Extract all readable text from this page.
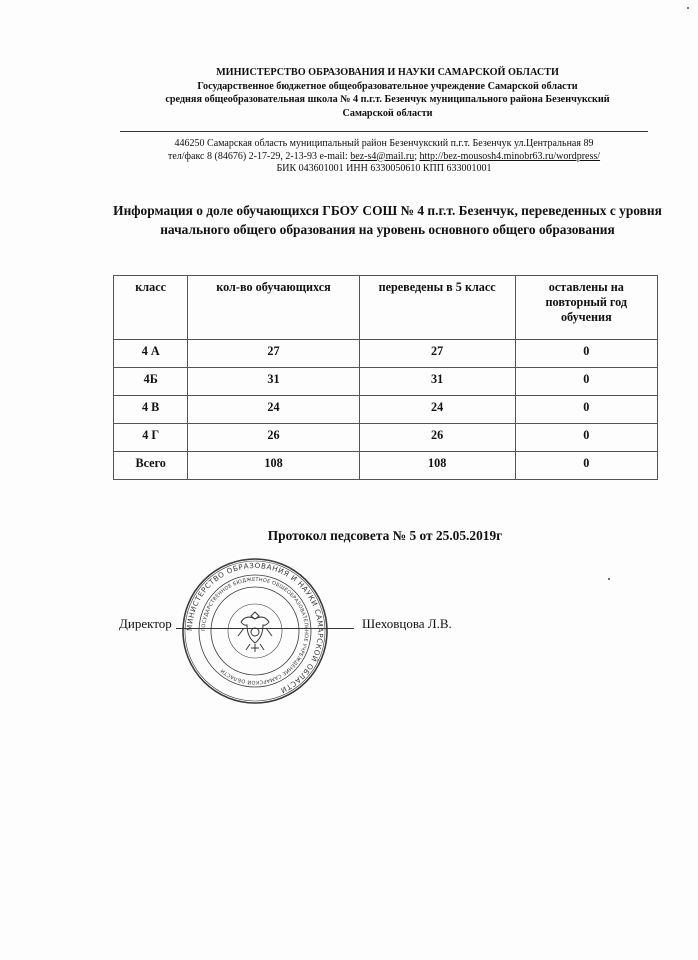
МИНИСТЕРСТВО ОБРАЗОВАНИЯ И НАУКИ САМАРСКОЙ ОБЛАСТИ
Государственное бюджетное общеобразовательное учреждение Самарской области
средняя общеобразовательная школа № 4 п.г.т. Безенчук муниципального района Безенчукский
Самарской области
446250 Самарская область муниципальный район Безенчукский п.г.т. Безенчук ул.Центральная 89
тел/факс 8 (84676) 2-17-29, 2-13-93 e-mail: bez-s4@mail.ru; http://bez-mousosh4.minobr63.ru/wordpress/
БИК 043601001 ИНН 6330050610 КПП 633001001
Информация о доле обучающихся ГБОУ СОШ № 4 п.г.т. Безенчук, переведенных с уровня начального общего образования на уровень основного общего образования
класс	кол-во обучающихся	переведены в 5 класс	оставлены на повторный год обучения
4 А	27	27	0
4Б	31	31	0
4 В	24	24	0
4 Г	26	26	0
Всего	108	108	0
Протокол педсовета № 5 от 25.05.2019г
МИНИСТЕРСТВО ОБРАЗОВАНИЯ И НАУКИ САМАРСКОЙ ОБЛАСТИ
ГОСУДАРСТВЕННОЕ БЮДЖЕТНОЕ ОБЩЕОБРАЗОВАТЕЛЬНОЕ УЧРЕЖДЕНИЕ САМАРСКОЙ ОБЛАСТИ
Директор	Шеховцова Л.В.
